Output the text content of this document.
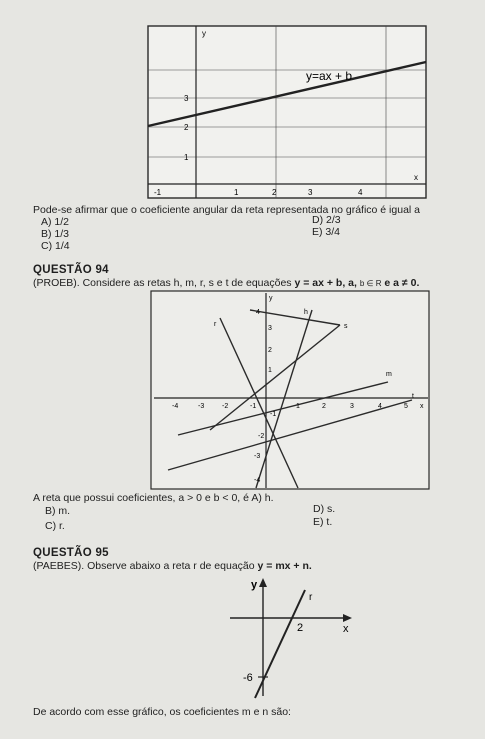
y
x
y=ax + b
-1	1	2	3	4
1
2
3
Pode-se afirmar que o coeficiente angular da reta representada no gráfico é igual a
A) 1/2
B) 1/3
C) 1/4
D) 2/3
E) 3/4
QUESTÃO 94
(PROEB). Considere as retas h, m, r, s e t de equações y = ax + b, a, b ∈ R e a ≠ 0.
-4	-3	-2	-1	1	2	3	4	5
4
3
2
1
-1
-2
-3
-4
h
s
r
m
t
y
x
A reta que possui coeficientes, a > 0 e b < 0, é A) h.
B) m.
C) r.
D) s.
E) t.
QUESTÃO 95
(PAEBES). Observe abaixo a reta r de equação y = mx + n.
y
x
r
2
-6
De acordo com esse gráfico, os coeficientes m e n são:
